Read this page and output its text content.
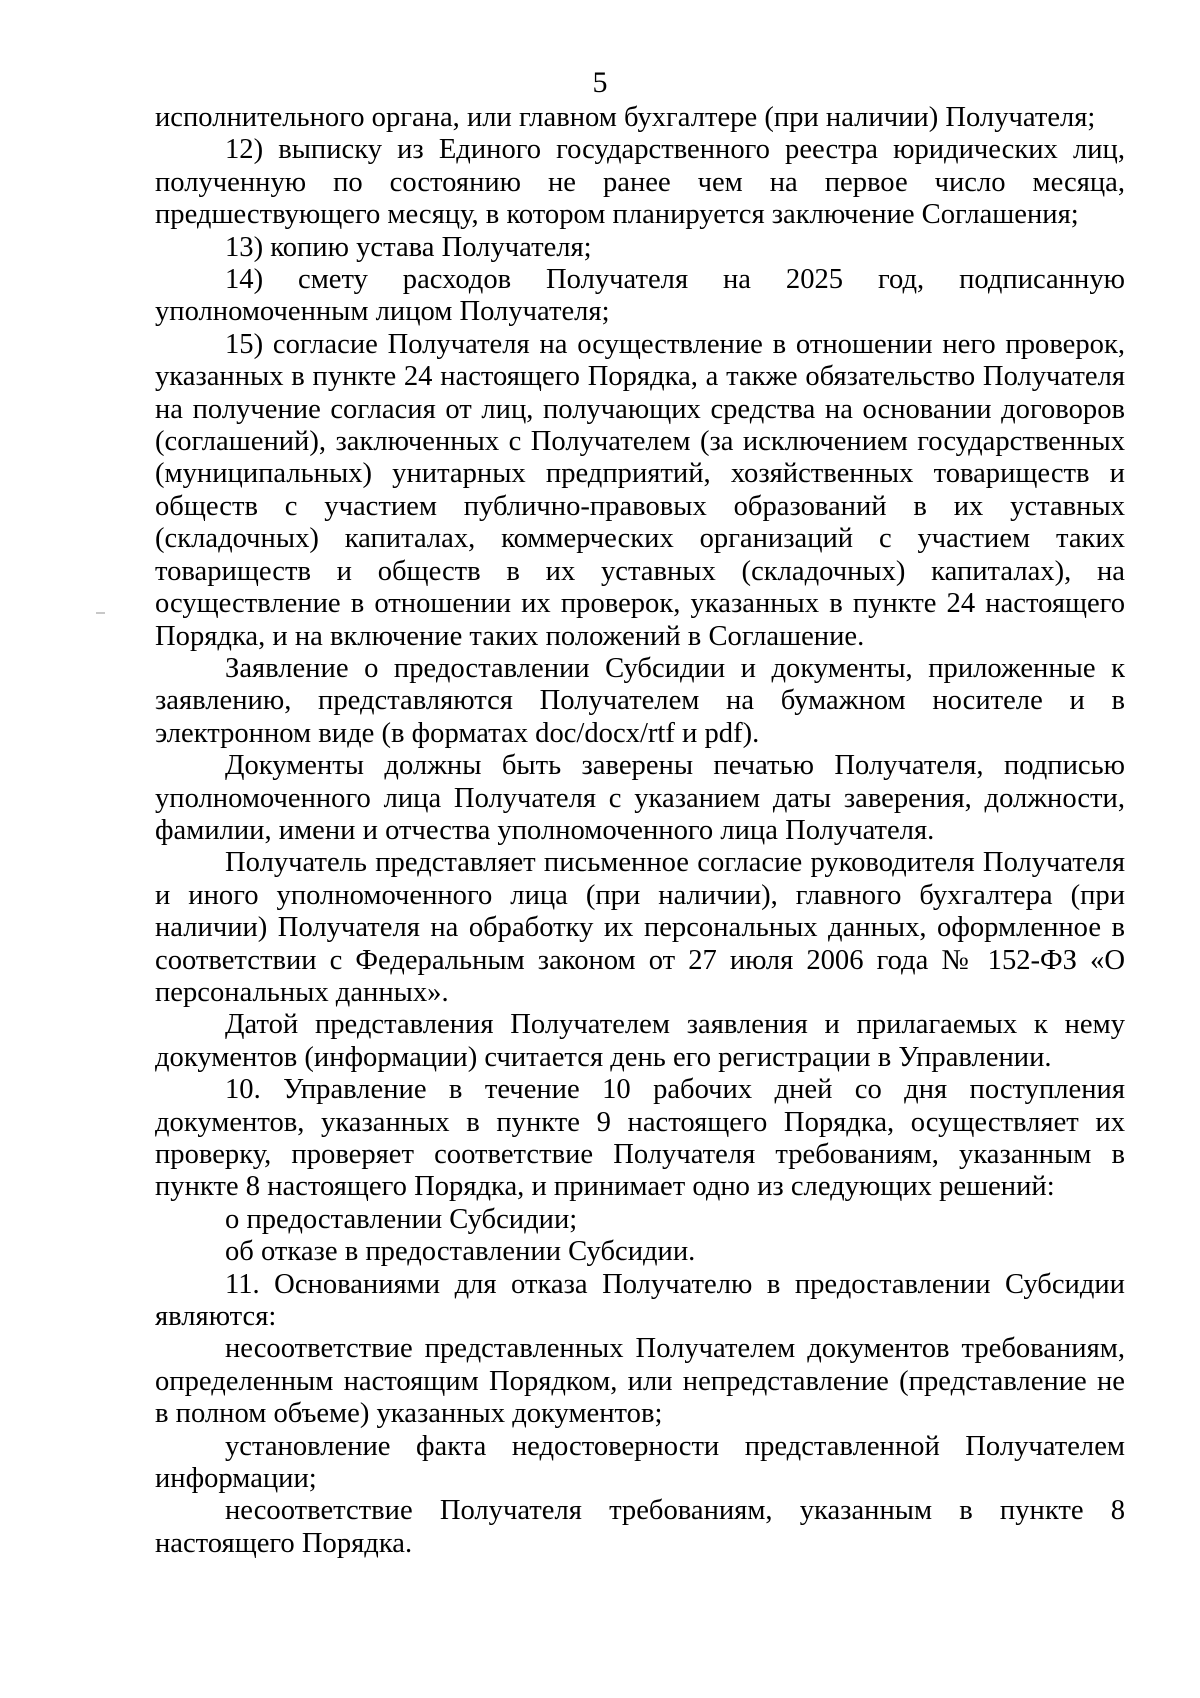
5

исполнительного органа, или главном бухгалтере (при наличии) Получателя;

12) выписку из Единого государственного реестра юридических лиц, полученную по состоянию не ранее чем на первое число месяца, предшествующего месяцу, в котором планируется заключение Соглашения;

13) копию устава Получателя;

14) смету расходов Получателя на 2025 год, подписанную уполномоченным лицом Получателя;

15) согласие Получателя на осуществление в отношении него проверок, указанных в пункте 24 настоящего Порядка, а также обязательство Получателя на получение согласия от лиц, получающих средства на основании договоров (соглашений), заключенных с Получателем (за исключением государственных (муниципальных) унитарных предприятий, хозяйственных товариществ и обществ с участием публично-правовых образований в их уставных (складочных) капиталах, коммерческих организаций с участием таких товариществ и обществ в их уставных (складочных) капиталах), на осуществление в отношении их проверок, указанных в пункте 24 настоящего Порядка, и на включение таких положений в Соглашение.

Заявление о предоставлении Субсидии и документы, приложенные к заявлению, представляются Получателем на бумажном носителе и в электронном виде (в форматах doc/docx/rtf и pdf).

Документы должны быть заверены печатью Получателя, подписью уполномоченного лица Получателя с указанием даты заверения, должности, фамилии, имени и отчества уполномоченного лица Получателя.

Получатель представляет письменное согласие руководителя Получателя и иного уполномоченного лица (при наличии), главного бухгалтера (при наличии) Получателя на обработку их персональных данных, оформленное в соответствии с Федеральным законом от 27 июля 2006 года № 152-ФЗ «О персональных данных».

Датой представления Получателем заявления и прилагаемых к нему документов (информации) считается день его регистрации в Управлении.

10. Управление в течение 10 рабочих дней со дня поступления документов, указанных в пункте 9 настоящего Порядка, осуществляет их проверку, проверяет соответствие Получателя требованиям, указанным в пункте 8 настоящего Порядка, и принимает одно из следующих решений:

о предоставлении Субсидии;

об отказе в предоставлении Субсидии.

11. Основаниями для отказа Получателю в предоставлении Субсидии являются:

несоответствие представленных Получателем документов требованиям, определенным настоящим Порядком, или непредставление (представление не в полном объеме) указанных документов;

установление факта недостоверности представленной Получателем информации;

несоответствие Получателя требованиям, указанным в пункте 8 настоящего Порядка.
